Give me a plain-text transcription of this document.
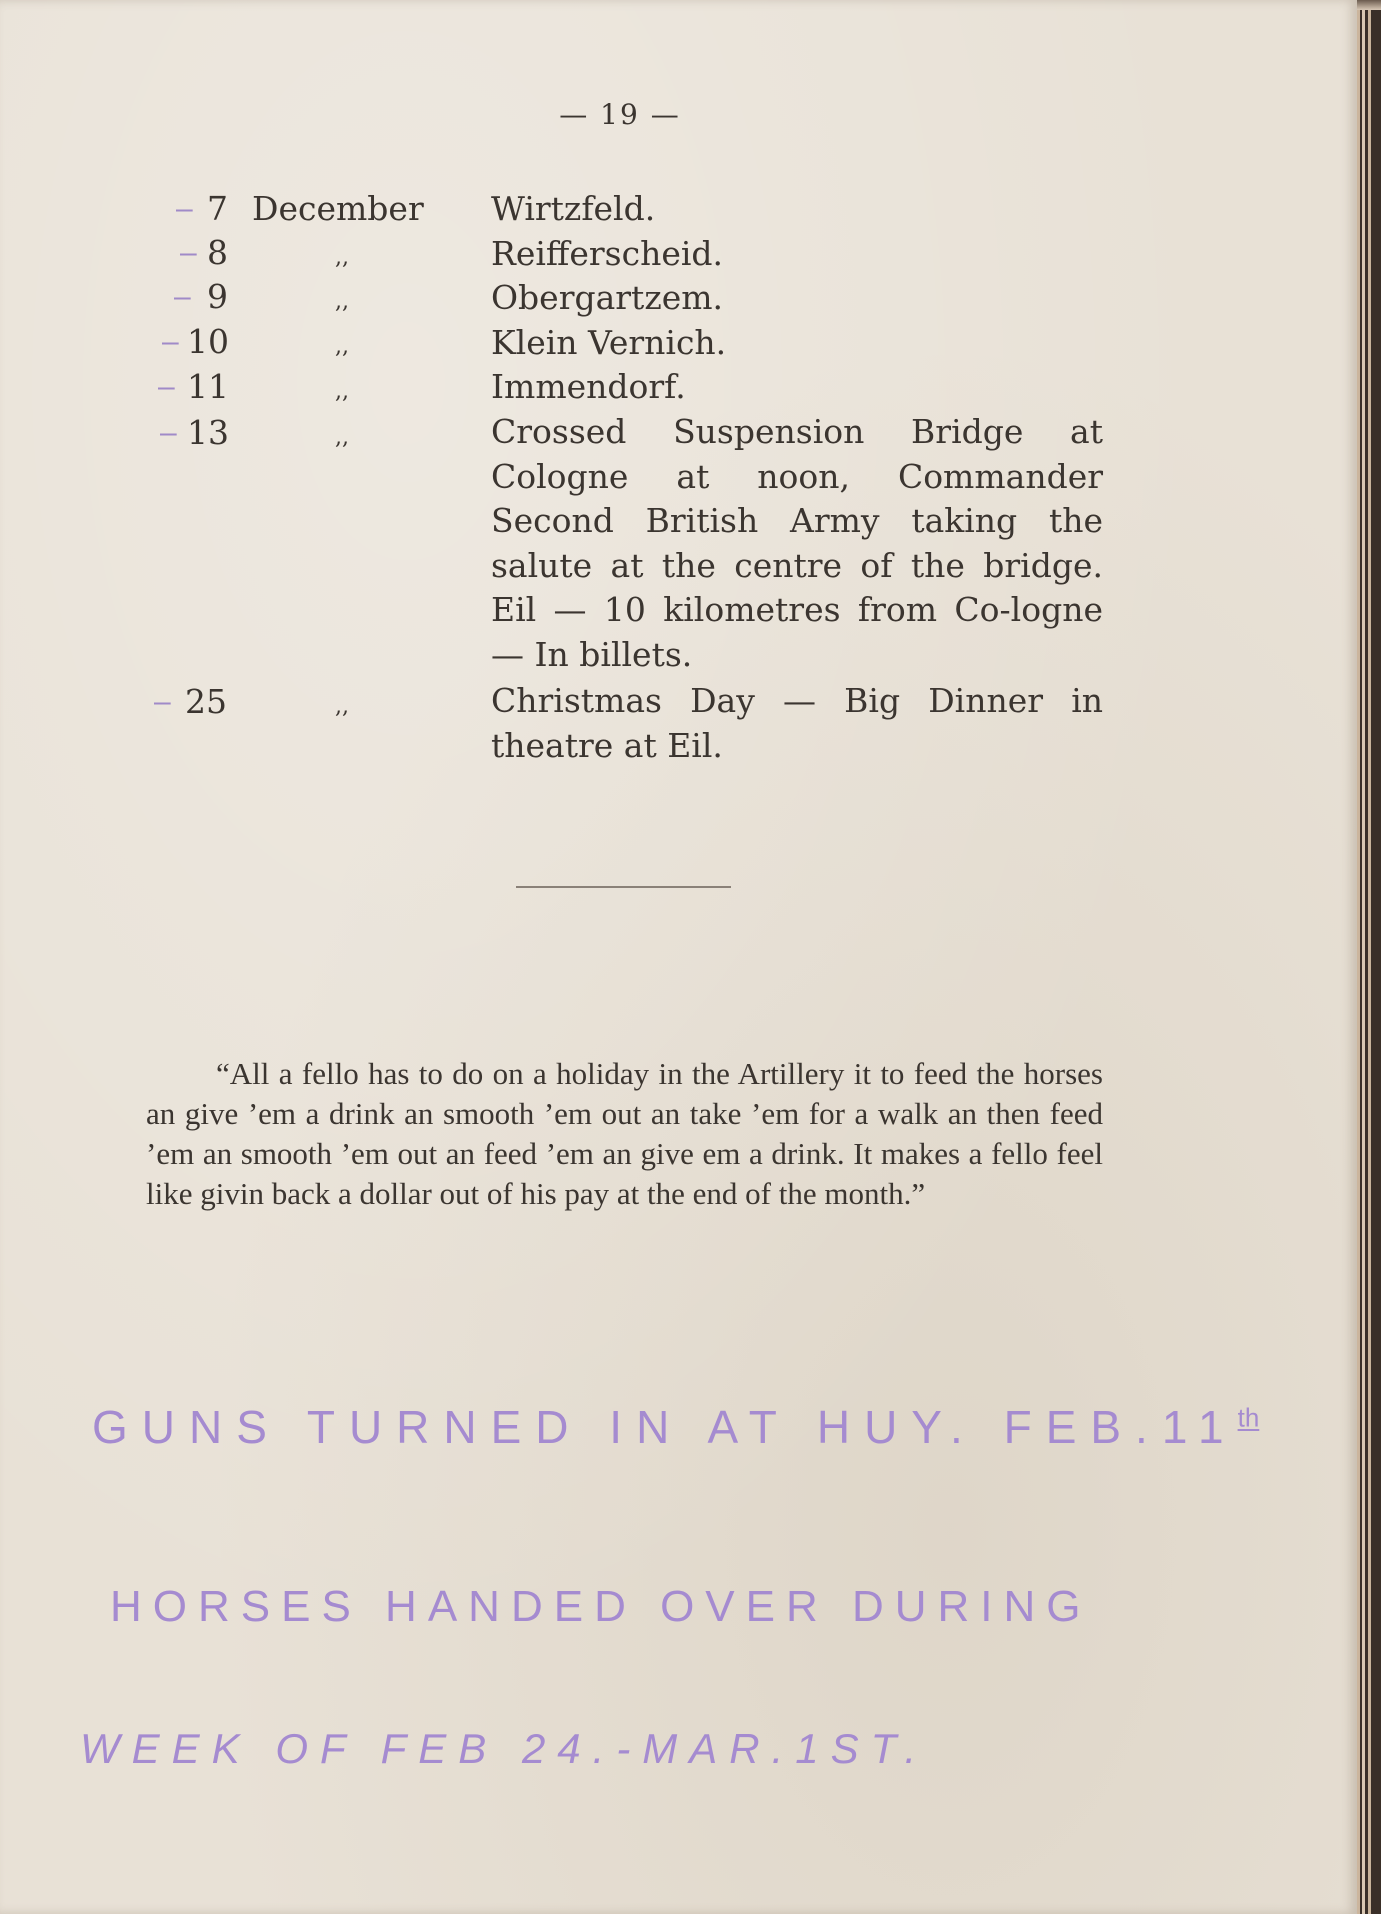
— 19 —
– 7 December Wirtzfeld.
– 8	,,	Reifferscheid.
– 9	,,	Obergartzem.
– 10	,,	Klein Vernich.
– 11	,,	Immendorf.
– 13	,,	Crossed Suspension Bridge at Cologne at noon, Commander Second British Army taking the salute at the centre of the bridge. Eil — 10 kilometres from Co-logne — In billets.
– 25	,,	Christmas Day — Big Dinner in theatre at Eil.
“All a fello has to do on a holiday in the Artillery it to feed the horses an give ’em a drink an smooth ’em out an take ’em for a walk an then feed ’em an smooth ’em out an feed ’em an give em a drink. It makes a fello feel like givin back a dollar out of his pay at the end of the month.”
GUNS TURNED IN AT HUY. FEB.11th
HORSES HANDED OVER DURING
WEEK OF FEB 24.-MAR.1ST.
